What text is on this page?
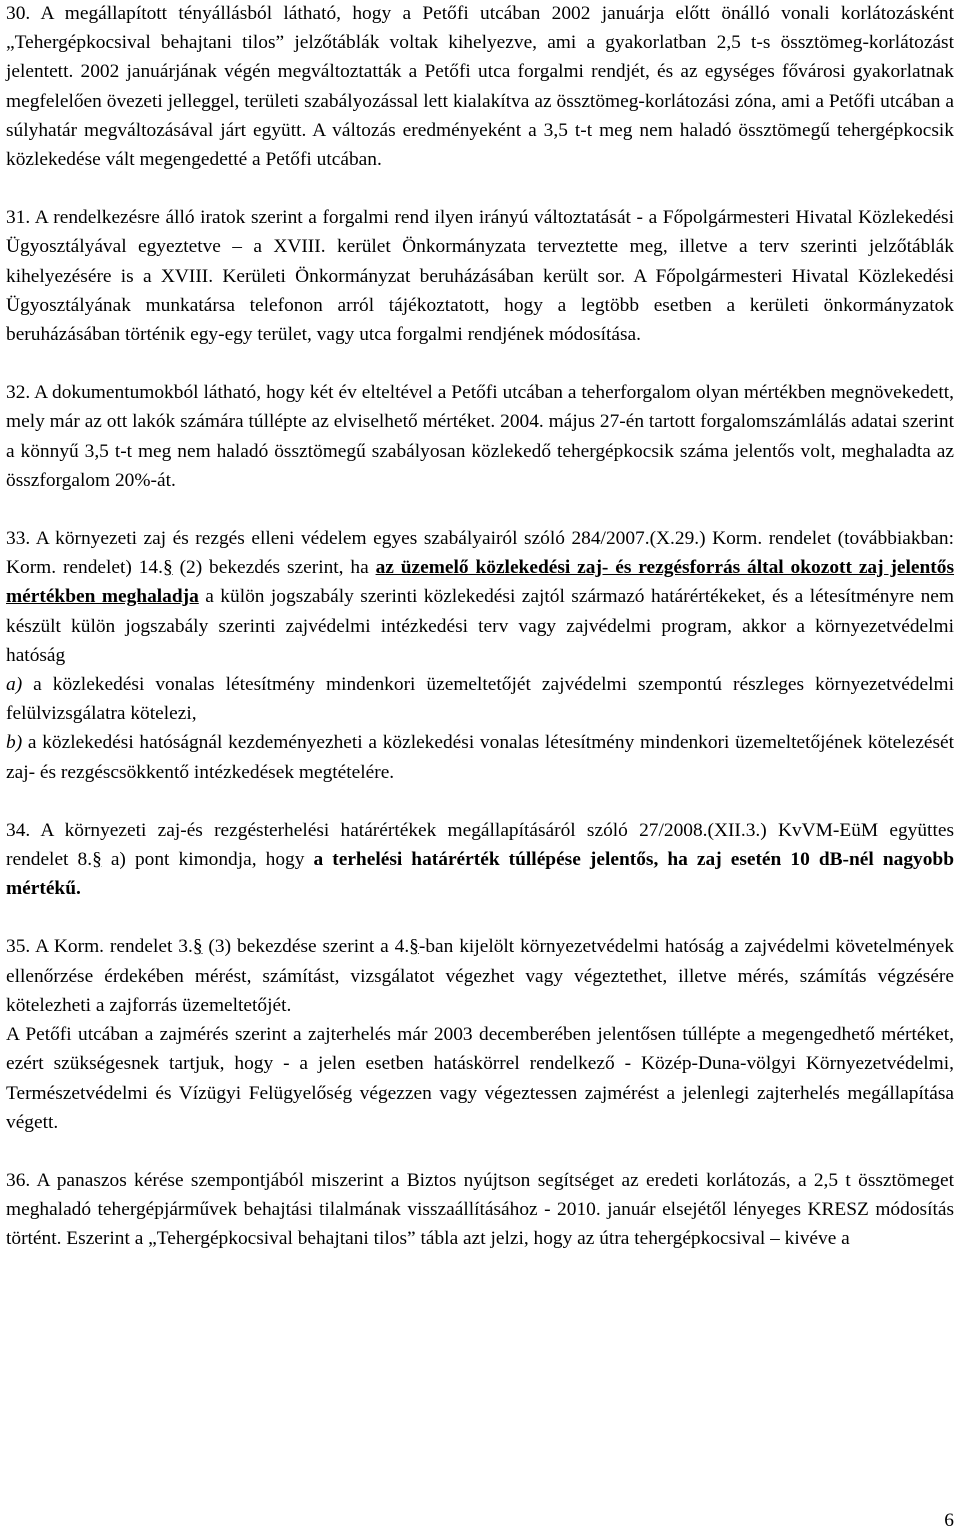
30. A megállapított tényállásból látható, hogy a Petőfi utcában 2002 januárja előtt önálló vonali korlátozásként „Tehergépkocsival behajtani tilos” jelzőtáblák voltak kihelyezve, ami a gyakorlatban 2,5 t-s össztömeg-korlátozást jelentett. 2002 januárjának végén megváltoztatták a Petőfi utca forgalmi rendjét, és az egységes fővárosi gyakorlatnak megfelelően övezeti jelleggel, területi szabályozással lett kialakítva az össztömeg-korlátozási zóna, ami a Petőfi utcában a súlyhatár megváltozásával járt együtt. A változás eredményeként a 3,5 t-t meg nem haladó össztömegű tehergépkocsik közlekedése vált megengedetté a Petőfi utcában.

31. A rendelkezésre álló iratok szerint a forgalmi rend ilyen irányú változtatását - a Főpolgármesteri Hivatal Közlekedési Ügyosztályával egyeztetve – a XVIII. kerület Önkormányzata terveztette meg, illetve a terv szerinti jelzőtáblák kihelyezésére is a XVIII. Kerületi Önkormányzat beruházásában került sor. A Főpolgármesteri Hivatal Közlekedési Ügyosztályának munkatársa telefonon arról tájékoztatott, hogy a legtöbb esetben a kerületi önkormányzatok beruházásában történik egy-egy terület, vagy utca forgalmi rendjének módosítása.

32. A dokumentumokból látható, hogy két év elteltével a Petőfi utcában a teherforgalom olyan mértékben megnövekedett, mely már az ott lakók számára túllépte az elviselhető mértéket. 2004. május 27-én tartott forgalomszámlálás adatai szerint a könnyű 3,5 t-t meg nem haladó össztömegű szabályosan közlekedő tehergépkocsik száma jelentős volt, meghaladta az összforgalom 20%-át.

33. A környezeti zaj és rezgés elleni védelem egyes szabályairól szóló 284/2007.(X.29.) Korm. rendelet (továbbiakban: Korm. rendelet) 14.§ (2) bekezdés szerint, ha az üzemelő közlekedési zaj- és rezgésforrás által okozott zaj jelentős mértékben meghaladja a külön jogszabály szerinti közlekedési zajtól származó határértékeket, és a létesítményre nem készült külön jogszabály szerinti zajvédelmi intézkedési terv vagy zajvédelmi program, akkor a környezetvédelmi hatóság
a) a közlekedési vonalas létesítmény mindenkori üzemeltetőjét zajvédelmi szempontú részleges környezetvédelmi felülvizsgálatra kötelezi,
b) a közlekedési hatóságnál kezdeményezheti a közlekedési vonalas létesítmény mindenkori üzemeltetőjének kötelezését zaj- és rezgéscsökkentő intézkedések megtételére.

34. A környezeti zaj-és rezgésterhelési határértékek megállapításáról szóló 27/2008.(XII.3.) KvVM-EüM együttes rendelet 8.§ a) pont kimondja, hogy a terhelési határérték túllépése jelentős, ha zaj esetén 10 dB-nél nagyobb mértékű.

35. A Korm. rendelet 3.§ (3) bekezdése szerint a 4.§-ban kijelölt környezetvédelmi hatóság a zajvédelmi követelmények ellenőrzése érdekében mérést, számítást, vizsgálatot végezhet vagy végeztethet, illetve mérés, számítás végzésére kötelezheti a zajforrás üzemeltetőjét.
A Petőfi utcában a zajmérés szerint a zajterhelés már 2003 decemberében jelentősen túllépte a megengedhető mértéket, ezért szükségesnek tartjuk, hogy - a jelen esetben hatáskörrel rendelkező - Közép-Duna-völgyi Környezetvédelmi, Természetvédelmi és Vízügyi Felügyelőség végezzen vagy végeztessen zajmérést a jelenlegi zajterhelés megállapítása végett.

36. A panaszos kérése szempontjából miszerint a Biztos nyújtson segítséget az eredeti korlátozás, a 2,5 t össztömeget meghaladó tehergépjárművek behajtási tilalmának visszaállításához - 2010. január elsejétől lényeges KRESZ módosítás történt. Eszerint a „Tehergépkocsival behajtani tilos” tábla azt jelzi, hogy az útra tehergépkocsival – kivéve a

6
